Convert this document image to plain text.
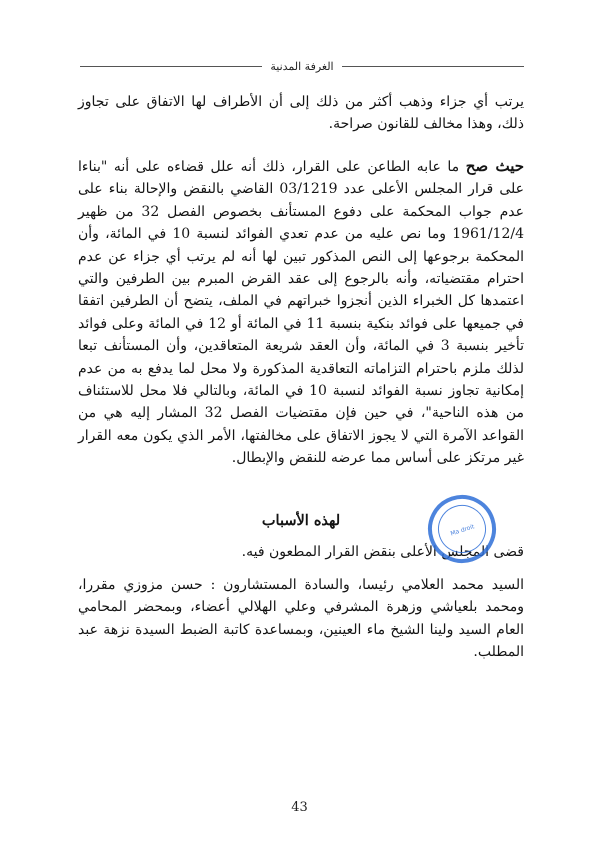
الغرفة المدنية

يرتب أي جزاء وذهب أكثر من ذلك إلى أن الأطراف لها الاتفاق على تجاوز ذلك، وهذا مخالف للقانون صراحة.

حيث صح ما عابه الطاعن على القرار، ذلك أنه علل قضاءه على أنه "بناءا على قرار المجلس الأعلى عدد 03/1219 القاضي بالنقض والإحالة بناء على عدم جواب المحكمة على دفوع المستأنف بخصوص الفصل 32 من ظهير 1961/12/4 وما نص عليه من عدم تعدي الفوائد لنسبة 10 في المائة، وأن المحكمة برجوعها إلى النص المذكور تبين لها أنه لم يرتب أي جزاء عن عدم احترام مقتضياته، وأنه بالرجوع إلى عقد القرض المبرم بين الطرفين والتي اعتمدها كل الخبراء الذين أنجزوا خبراتهم في الملف، يتضح أن الطرفين اتفقا في جميعها على فوائد بنكية بنسبة 11 في المائة أو 12 في المائة وعلى فوائد تأخير بنسبة 3 في المائة، وأن العقد شريعة المتعاقدين، وأن المستأنف تبعا لذلك ملزم باحترام التزاماته التعاقدية المذكورة ولا محل لما يدفع به من عدم إمكانية تجاوز نسبة الفوائد لنسبة 10 في المائة، وبالتالي فلا محل للاستئناف من هذه الناحية"، في حين فإن مقتضيات الفصل 32 المشار إليه هي من القواعد الآمرة التي لا يجوز الاتفاق على مخالفتها، الأمر الذي يكون معه القرار غير مرتكز على أساس مما عرضه للنقض والإبطال.

لهذه الأسباب
قضى المجلس الأعلى بنقض القرار المطعون فيه.
Ma droit

السيد محمد العلامي رئيسا، والسادة المستشارون : حسن مزوزي مقررا، ومحمد بلعياشي وزهرة المشرفي وعلي الهلالي أعضاء، وبمحضر المحامي العام السيد ولينا الشيخ ماء العينين، وبمساعدة كاتبة الضبط السيدة نزهة عبد المطلب.

43
